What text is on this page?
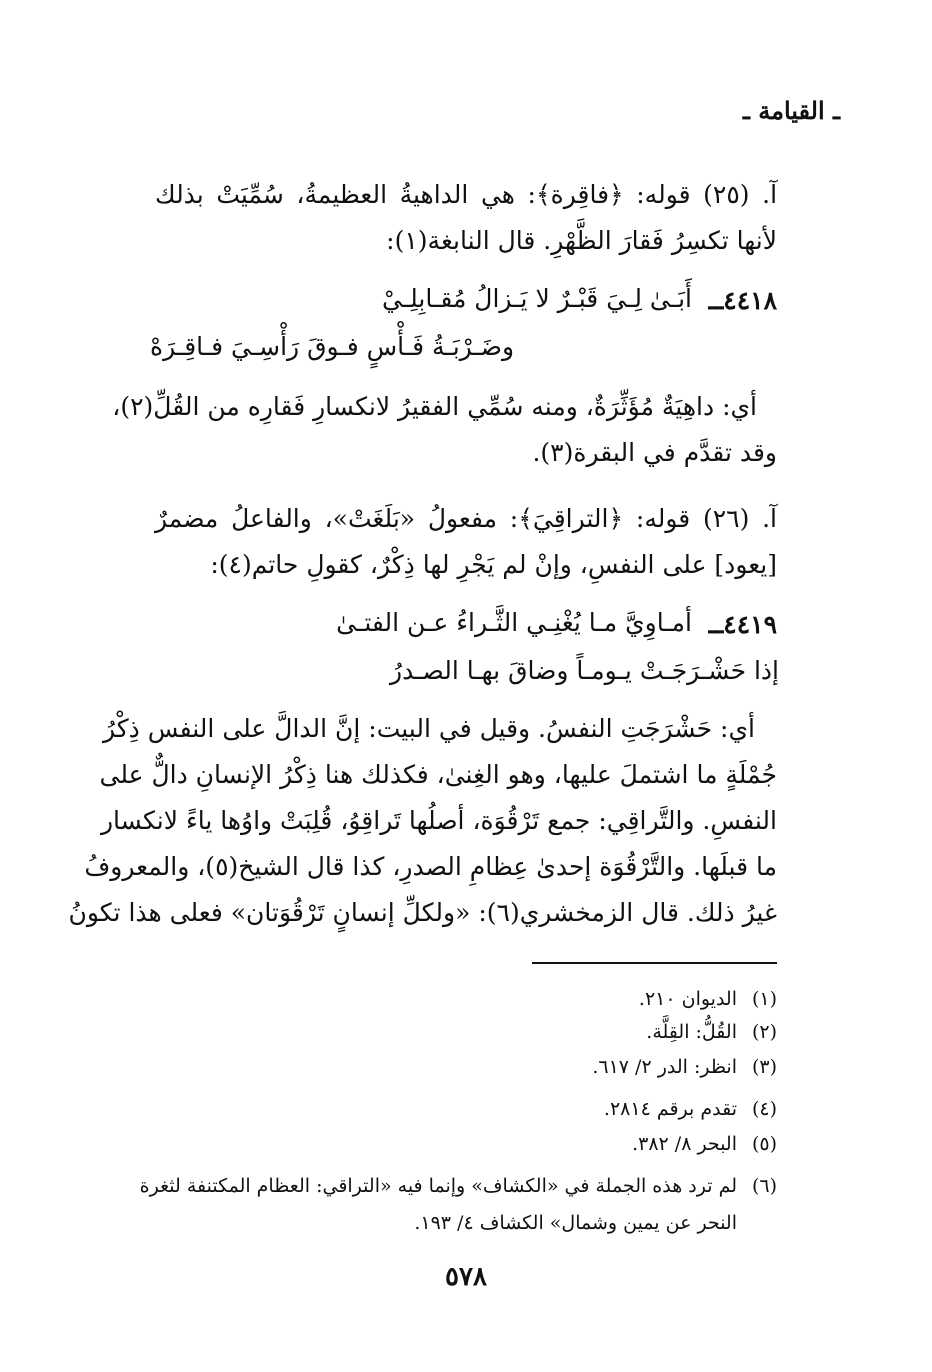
ـ القيامة ـ
آ. (٢٥) قوله: ﴿فاقِرة﴾: هي الداهيةُ العظيمةُ، سُمِّيَتْ بذلك
لأنها تكسِرُ فَقارَ الظَّهْرِ. قال النابغة(١):
٤٤١٨ــ
أَبَـىٰ لِـيَ قَبْـرٌ لا يَـزالُ مُقـابِلِـيْ
وضَـرْبَـةُ فَـأْسٍ فـوقَ رَأْسِـيَ فـاقِـرَهْ
أي: داهِيَةٌ مُؤَثِّرَةٌ، ومنه سُمِّي الفقيرُ لانكسارِ فَقارِه من القُلِّ(٢)،
وقد تقدَّم في البقرة(٣).
آ. (٢٦) قوله: ﴿التراقِيَ﴾: مفعولُ «بَلَغَتْ»، والفاعلُ مضمرٌ
[يعود] على النفسِ، وإنْ لم يَجْرِ لها ذِكْرٌ، كقولِ حاتم(٤):
٤٤١٩ــ
أمـاوِيَّ مـا يُغْنِـي الثَّـراءُ عـن الفتـىٰ
إذا حَشْـرَجَـتْ يـومـاً وضاقَ بهـا الصـدرُ
أي: حَشْرَجَتِ النفسُ. وقيل في البيت: إنَّ الدالَّ على النفس ذِكْرُ
جُمْلَةٍ ما اشتملَ عليها، وهو الغِنىٰ، فكذلك هنا ذِكْرُ الإنسانِ دالٌّ على
النفسِ. والتَّراقِي: جمع تَرْقُوَة، أصلُها تَراقِوُ، قُلِبَتْ واوُها ياءً لانكسار
ما قبلَها. والتَّرْقُوَة إحدىٰ عِظامِ الصدرِ، كذا قال الشيخ(٥)، والمعروفُ
غيرُ ذلك. قال الزمخشري(٦): «ولكلِّ إنسانٍ تَرْقُوَتان» فعلى هذا تكونُ
(١)الديوان ٢١٠.
(٢)القُلُّ: القِلَّة.
(٣)انظر: الدر ٢/ ٦١٧.
(٤)تقدم برقم ٢٨١٤.
(٥)البحر ٨/ ٣٨٢.
(٦)لم ترد هذه الجملة في «الكشاف» وإنما فيه «التراقي: العظام المكتنفة لثغرة
النحر عن يمين وشمال» الكشاف ٤/ ١٩٣.
٥٧٨
